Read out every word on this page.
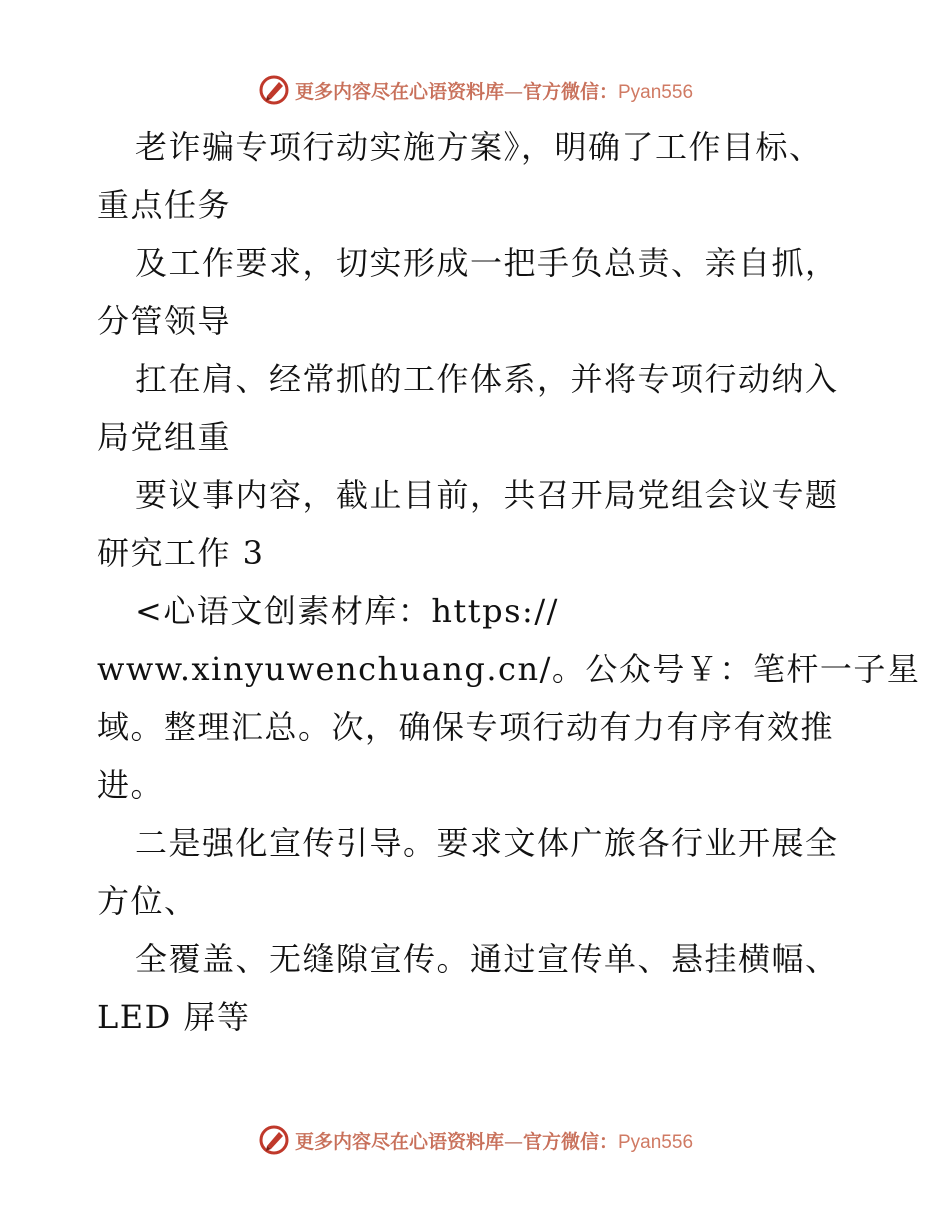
更多内容尽在心语资料库—官方微信：Pyan556
老诈骗专项行动实施方案》，明确了工作目标、
重点任务
及工作要求，切实形成一把手负总责、亲自抓，
分管领导
扛在肩、经常抓的工作体系，并将专项行动纳入
局党组重
要议事内容，截止目前，共召开局党组会议专题
研究工作 3
<心语文创素材库：https://
www.xinyuwenchuang.cn/。公众号￥：笔杆一子星
域。整理汇总。次，确保专项行动有力有序有效推
进。
二是强化宣传引导。要求文体广旅各行业开展全
方位、
全覆盖、无缝隙宣传。通过宣传单、悬挂横幅、
LED 屏等
更多内容尽在心语资料库—官方微信：Pyan556
